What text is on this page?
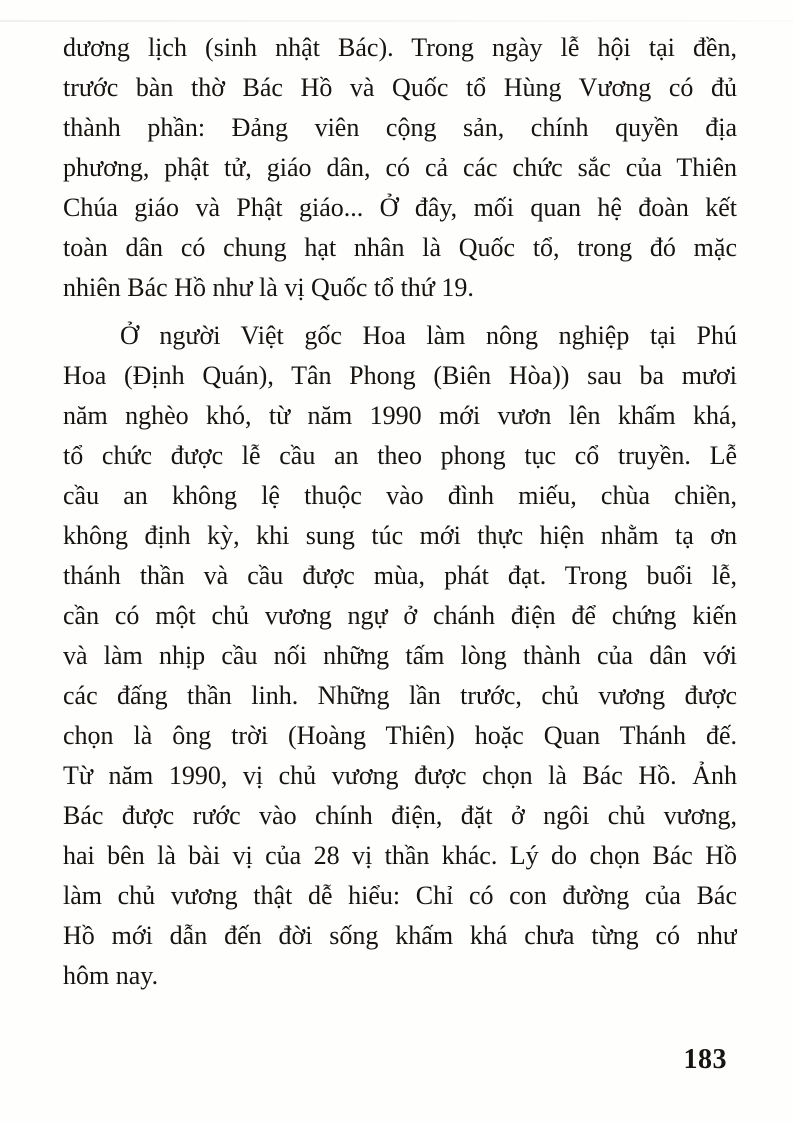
dương lịch (sinh nhật Bác). Trong ngày lễ hội tại đền,
trước bàn thờ Bác Hồ và Quốc tổ Hùng Vương có đủ
thành phần: Đảng viên cộng sản, chính quyền địa
phương, phật tử, giáo dân, có cả các chức sắc của Thiên
Chúa giáo và Phật giáo... Ở đây, mối quan hệ đoàn kết
toàn dân có chung hạt nhân là Quốc tổ, trong đó mặc
nhiên Bác Hồ như là vị Quốc tổ thứ 19.
Ở người Việt gốc Hoa làm nông nghiệp tại Phú
Hoa (Định Quán), Tân Phong (Biên Hòa)) sau ba mươi
năm nghèo khó, từ năm 1990 mới vươn lên khấm khá,
tổ chức được lễ cầu an theo phong tục cổ truyền. Lễ
cầu an không lệ thuộc vào đình miếu, chùa chiền,
không định kỳ, khi sung túc mới thực hiện nhằm tạ ơn
thánh thần và cầu được mùa, phát đạt. Trong buổi lễ,
cần có một chủ vương ngự ở chánh điện để chứng kiến
và làm nhịp cầu nối những tấm lòng thành của dân với
các đấng thần linh. Những lần trước, chủ vương được
chọn là ông trời (Hoàng Thiên) hoặc Quan Thánh đế.
Từ năm 1990, vị chủ vương được chọn là Bác Hồ. Ảnh
Bác được rước vào chính điện, đặt ở ngôi chủ vương,
hai bên là bài vị của 28 vị thần khác. Lý do chọn Bác Hồ
làm chủ vương thật dễ hiểu: Chỉ có con đường của Bác
Hồ mới dẫn đến đời sống khấm khá chưa từng có như
hôm nay.
183
